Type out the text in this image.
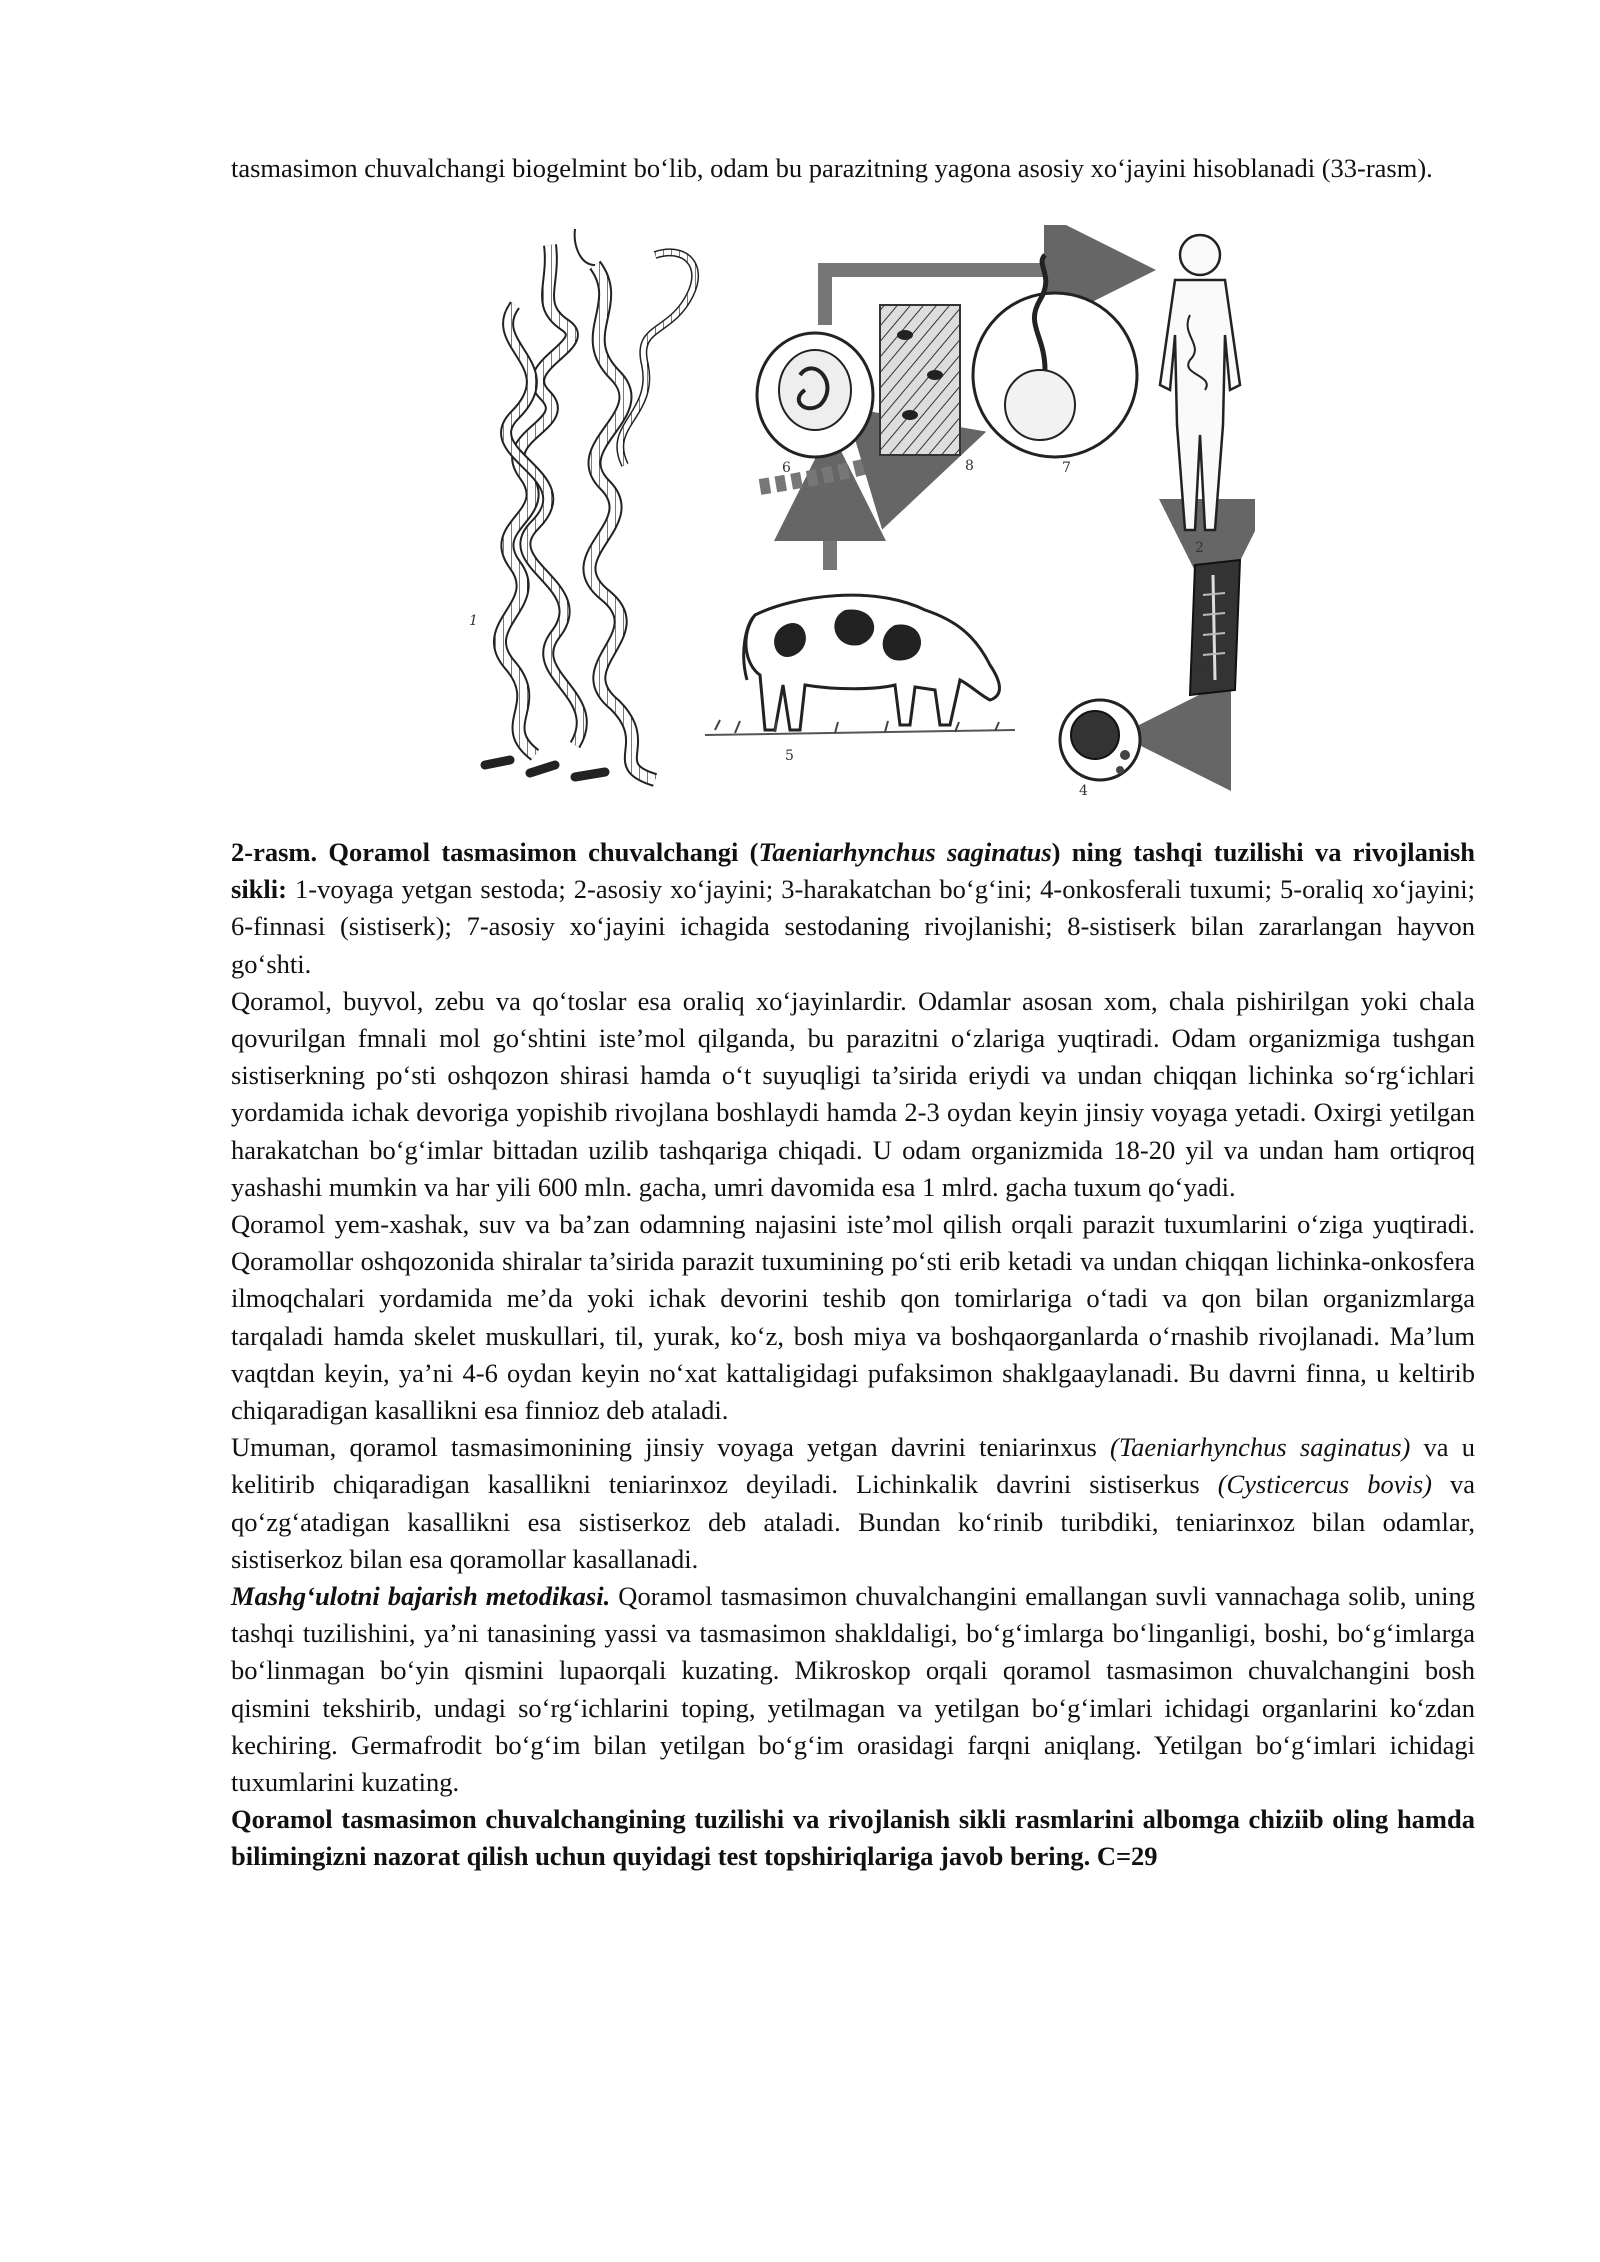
tasmasimon chuvalchangi biogelmint bo‘lib, odam bu parazitning yagona asosiy xo‘jayini hisoblanadi (33-rasm).

1
6	8	7
2
3
4
5

2-rasm. Qoramol tasmasimon chuvalchangi (Taeniarhynchus saginatus) ning tashqi tuzilishi va rivojlanish sikli: 1-voyaga yetgan sestoda; 2-asosiy xo‘jayini; 3-harakatchan bo‘g‘ini; 4-onkosferali tuxumi; 5-oraliq xo‘jayini; 6-finnasi (sistiserk); 7-asosiy xo‘jayini ichagida sestodaning rivojlanishi; 8-sistiserk bilan zararlangan hayvon go‘shti.

Qoramol, buyvol, zebu va qo‘toslar esa oraliq xo‘jayinlardir. Odamlar asosan xom, chala pishirilgan yoki chala qovurilgan fmnali mol go‘shtini iste’mol qilganda, bu parazitni o‘zlariga yuqtiradi. Odam organizmiga tushgan sistiserkning po‘sti oshqozon shirasi hamda o‘t suyuqligi ta’sirida eriydi va undan chiqqan lichinka so‘rg‘ichlari yordamida ichak devoriga yopishib rivojlana boshlaydi hamda 2-3 oydan keyin jinsiy voyaga yetadi. Oxirgi yetilgan harakatchan bo‘g‘imlar bittadan uzilib tashqariga chiqadi. U odam organizmida 18-20 yil va undan ham ortiqroq yashashi mumkin va har yili 600 mln. gacha, umri davomida esa 1 mlrd. gacha tuxum qo‘yadi.

Qoramol yem-xashak, suv va ba’zan odamning najasini iste’mol qilish orqali parazit tuxumlarini o‘ziga yuqtiradi. Qoramollar oshqozonida shiralar ta’sirida parazit tuxumining po‘sti erib ketadi va undan chiqqan lichinka-onkosfera ilmoqchalari yordamida me’da yoki ichak devorini teshib qon tomirlariga o‘tadi va qon bilan organizmlarga tarqaladi hamda skelet muskullari, til, yurak, ko‘z, bosh miya va boshqaorganlarda o‘rnashib rivojlanadi. Ma’lum vaqtdan keyin, ya’ni 4-6 oydan keyin no‘xat kattaligidagi pufaksimon shaklgaaylanadi. Bu davrni finna, u keltirib chiqaradigan kasallikni esa finnioz deb ataladi.

Umuman, qoramol tasmasimonining jinsiy voyaga yetgan davrini teniarinxus (Taeniarhynchus saginatus) va u kelitirib chiqaradigan kasallikni teniarinxoz deyiladi. Lichinkalik davrini sistiserkus (Cysticercus bovis) va qo‘zg‘atadigan kasallikni esa sistiserkoz deb ataladi. Bundan ko‘rinib turibdiki, teniarinxoz bilan odamlar, sistiserkoz bilan esa qoramollar kasallanadi.

Mashg‘ulotni bajarish metodikasi. Qoramol tasmasimon chuvalchangini emallangan suvli vannachaga solib, uning tashqi tuzilishini, ya’ni tanasining yassi va tasmasimon shakldaligi, bo‘g‘imlarga bo‘linganligi, boshi, bo‘g‘imlarga bo‘linmagan bo‘yin qismini lupaorqali kuzating. Mikroskop orqali qoramol tasmasimon chuvalchangini bosh qismini tekshirib, undagi so‘rg‘ichlarini toping, yetilmagan va yetilgan bo‘g‘imlari ichidagi organlarini ko‘zdan kechiring. Germafrodit bo‘g‘im bilan yetilgan bo‘g‘im orasidagi farqni aniqlang. Yetilgan bo‘g‘imlari ichidagi tuxumlarini kuzating.

Qoramol tasmasimon chuvalchangining tuzilishi va rivojlanish sikli rasmlarini albomga chiziib oling hamda bilimingizni nazorat qilish uchun quyidagi test topshiriqlariga javob bering. C=29
